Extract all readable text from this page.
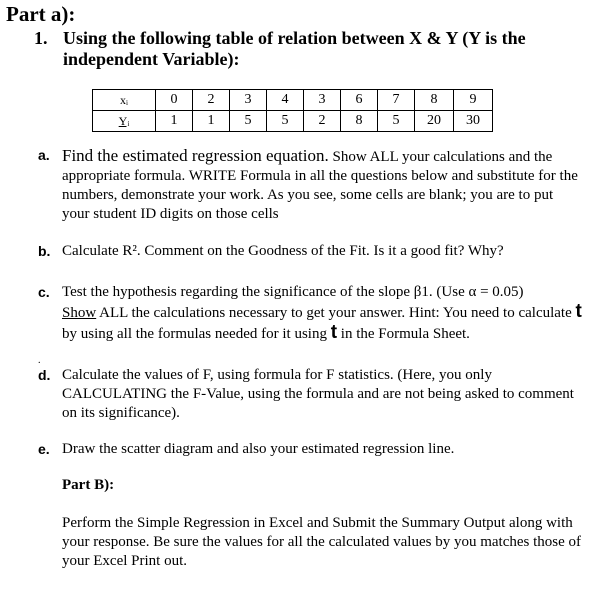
Part a):
1. Using the following table of relation between X & Y (Y is the independent Variable):
xᵢ	0	2	3	4	3	6	7	8	9
Yᵢ	1	1	5	5	2	8	5	20	30
a. Find the estimated regression equation. Show ALL your calculations and the appropriate formula. WRITE Formula in all the questions below and substitute for the numbers, demonstrate your work. As you see, some cells are blank; you are to put your student ID digits on those cells
b. Calculate R². Comment on the Goodness of the Fit. Is it a good fit? Why?
c. Test the hypothesis regarding the significance of the slope β1. (Use α = 0.05)
Show ALL the calculations necessary to get your answer. Hint: You need to calculate t by using all the formulas needed for it using t in the Formula Sheet.
.
d. Calculate the values of F, using formula for F statistics. (Here, you only CALCULATING the F-Value, using the formula and are not being asked to comment on its significance).
e. Draw the scatter diagram and also your estimated regression line.
Part B):
Perform the Simple Regression in Excel and Submit the Summary Output along with your response. Be sure the values for all the calculated values by you matches those of your Excel Print out.
